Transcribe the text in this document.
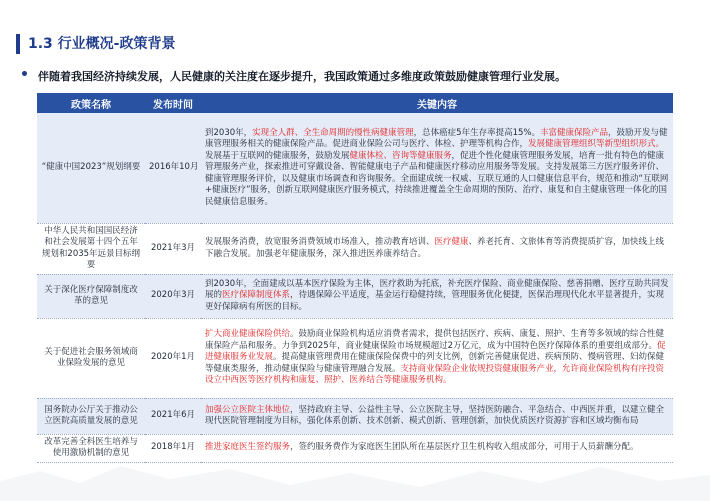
1.3 行业概况-政策背景
伴随着我国经济持续发展，人民健康的关注度在逐步提升，我国政策通过多维度政策鼓励健康管理行业发展。
政策名称	发布时间	关键内容
“健康中国2023”规划纲要	2016年10月	到2030年，实现全人群、全生命周期的慢性病健康管理，总体癌症5年生存率提高15%。丰富健康保险产品，鼓励开发与健康管理服务相关的健康保险产品。促进商业保险公司与医疗、体检、护理等机构合作，发展健康管理组织等新型组织形式。发展基于互联网的健康服务，鼓励发展健康体检、咨询等健康服务，促进个性化健康管理服务发展，培育一批有特色的健康管理服务产业，探索推进可穿戴设备、智能健康电子产品和健康医疗移动应用服务等发展。支持发展第三方医疗服务评价、健康管理服务评价，以及健康市场调查和咨询服务。全面建成统一权威、互联互通的人口健康信息平台，规范和推动“互联网+健康医疗”服务，创新互联网健康医疗服务模式，持续推进覆盖全生命周期的预防、治疗、康复和自主健康管理一体化的国民健康信息服务。
中华人民共和国国民经济和社会发展第十四个五年规划和2035年远景目标纲要	2021年3月	发展服务消费，放宽服务消费领域市场准入，推动教育培训、医疗健康、养老托育、文旅体育等消费提质扩容，加快线上线下融合发展。加强老年健康服务，深入推进医养康养结合。
关于深化医疗保障制度改革的意见	2020年3月	到2030年，全面建成以基本医疗保险为主体，医疗救助为托底，补充医疗保险、商业健康保险、慈善捐赠、医疗互助共同发展的医疗保障制度体系，待遇保障公平适度，基金运行稳健持续，管理服务优化便捷，医保治理现代化水平显著提升，实现更好保障病有所医的目标。
关于促进社会服务领域商业保险发展的意见	2020年1月	扩大商业健康保险供给。鼓励商业保险机构适应消费者需求，提供包括医疗、疾病、康复、照护、生育等多领域的综合性健康保险产品和服务。力争到2025年，商业健康保险市场规模超过2万亿元，成为中国特色医疗保障体系的重要组成部分。促进健康服务业发展。提高健康管理费用在健康保险保费中的列支比例，创新完善健康促进、疾病预防、慢病管理、妇幼保健等健康类服务，推动健康保险与健康管理融合发展。支持商业保险企业依规投资健康服务产业，允许商业保险机构有序投资设立中西医等医疗机构和康复、照护、医养结合等健康服务机构。
国务院办公厅关于推动公立医院高质量发展的意见	2021年6月	加强公立医院主体地位，坚持政府主导、公益性主导、公立医院主导，坚持医防融合、平急结合、中西医并重，以建立健全现代医院管理制度为目标，强化体系创新、技术创新、模式创新、管理创新，加快优质医疗资源扩容和区域均衡布局
改革完善全科医生培养与使用激励机制的意见	2018年1月	推进家庭医生签约服务，签约服务费作为家庭医生团队所在基层医疗卫生机构收入组成部分，可用于人员薪酬分配。
